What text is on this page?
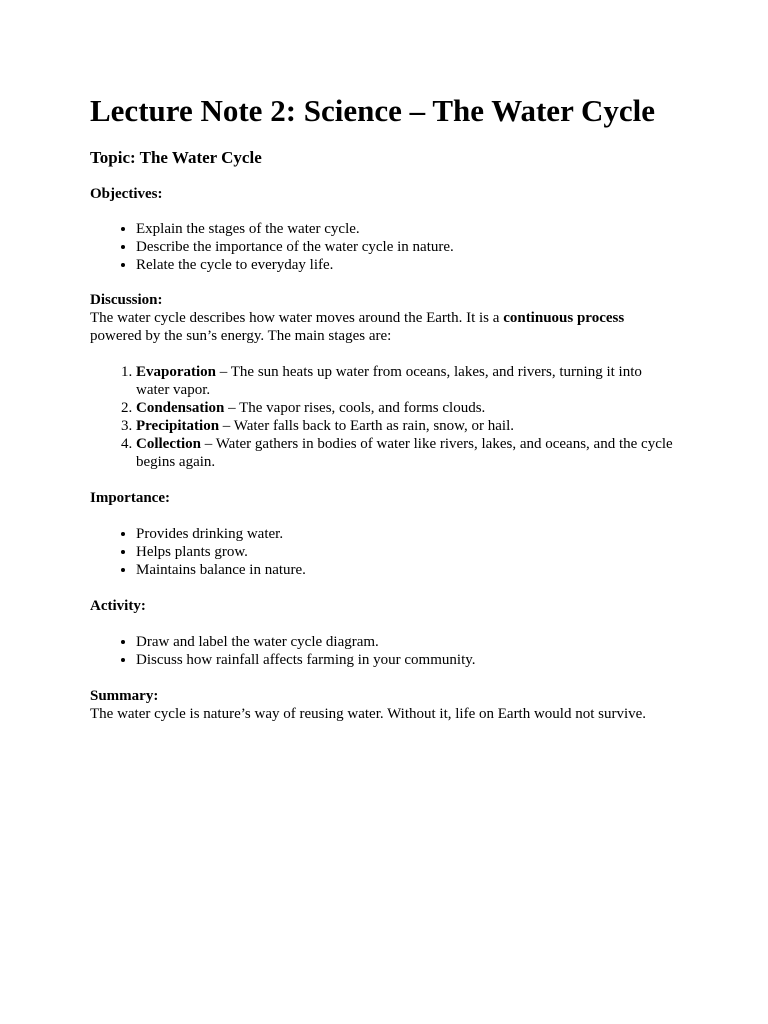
Lecture Note 2: Science – The Water Cycle

Topic: The Water Cycle

Objectives:

• Explain the stages of the water cycle.
• Describe the importance of the water cycle in nature.
• Relate the cycle to everyday life.

Discussion:

The water cycle describes how water moves around the Earth. It is a continuous process powered by the sun’s energy. The main stages are:

1. Evaporation – The sun heats up water from oceans, lakes, and rivers, turning it into water vapor.
2. Condensation – The vapor rises, cools, and forms clouds.
3. Precipitation – Water falls back to Earth as rain, snow, or hail.
4. Collection – Water gathers in bodies of water like rivers, lakes, and oceans, and the cycle begins again.

Importance:

• Provides drinking water.
• Helps plants grow.
• Maintains balance in nature.

Activity:

• Draw and label the water cycle diagram.
• Discuss how rainfall affects farming in your community.

Summary:

The water cycle is nature’s way of reusing water. Without it, life on Earth would not survive.
